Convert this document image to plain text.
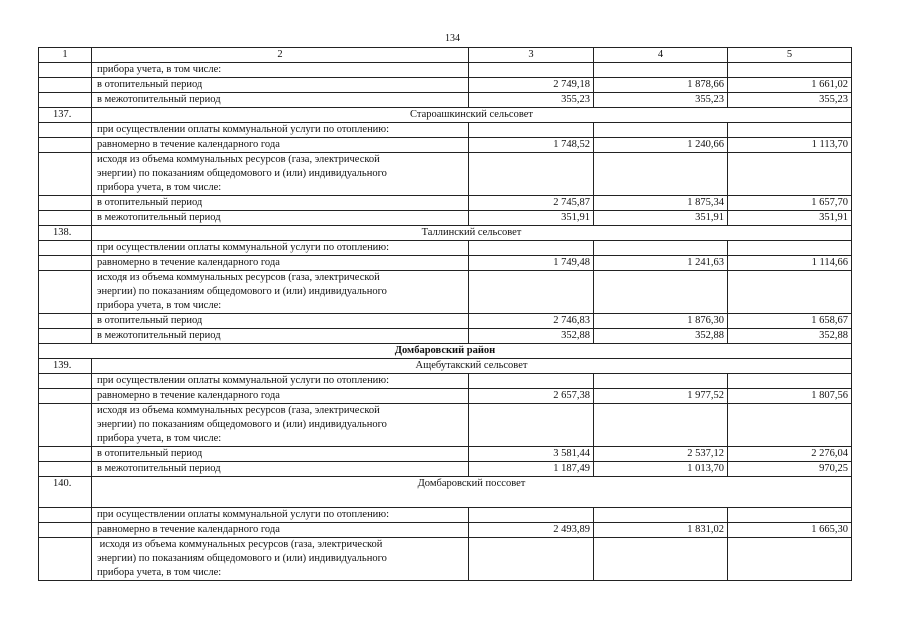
134
1	2	3	4	5
	прибора учета, в том числе:			
	в отопительный период	2 749,18	1 878,66	1 661,02
	в межотопительный период	355,23	355,23	355,23
137.	Староашкинский сельсовет			
	при осуществлении оплаты коммунальной услуги по отоплению:			
	равномерно в течение календарного года	1 748,52	1 240,66	1 113,70

	исходя из объема коммунальных ресурсов (газа, электрической
энергии) по показаниям общедомового и (или) индивидуального
прибора учета, в том числе:			

	в отопительный период	2 745,87	1 875,34	1 657,70
	в межотопительный период	351,91	351,91	351,91
138.	Таллинский сельсовет			
	при осуществлении оплаты коммунальной услуги по отоплению:			
	равномерно в течение календарного года	1 749,48	1 241,63	1 114,66

	исходя из объема коммунальных ресурсов (газа, электрической
энергии) по показаниям общедомового и (или) индивидуального
прибора учета, в том числе:			

	в отопительный период	2 746,83	1 876,30	1 658,67
	в межотопительный период	352,88	352,88	352,88
Домбаровский район				
139.	Ащебутакский сельсовет			
	при осуществлении оплаты коммунальной услуги по отоплению:			
	равномерно в течение календарного года	2 657,38	1 977,52	1 807,56

	исходя из объема коммунальных ресурсов (газа, электрической
энергии) по показаниям общедомового и (или) индивидуального
прибора учета, в том числе:			

	в отопительный период	3 581,44	2 537,12	2 276,04
	в межотопительный период	1 187,49	1 013,70	970,25
140.	Домбаровский поссовет			
	при осуществлении оплаты коммунальной услуги по отоплению:			
	равномерно в течение календарного года	2 493,89	1 831,02	1 665,30

	исходя из объема коммунальных ресурсов (газа, электрической
энергии) по показаниям общедомового и (или) индивидуального
прибора учета, в том числе:			
